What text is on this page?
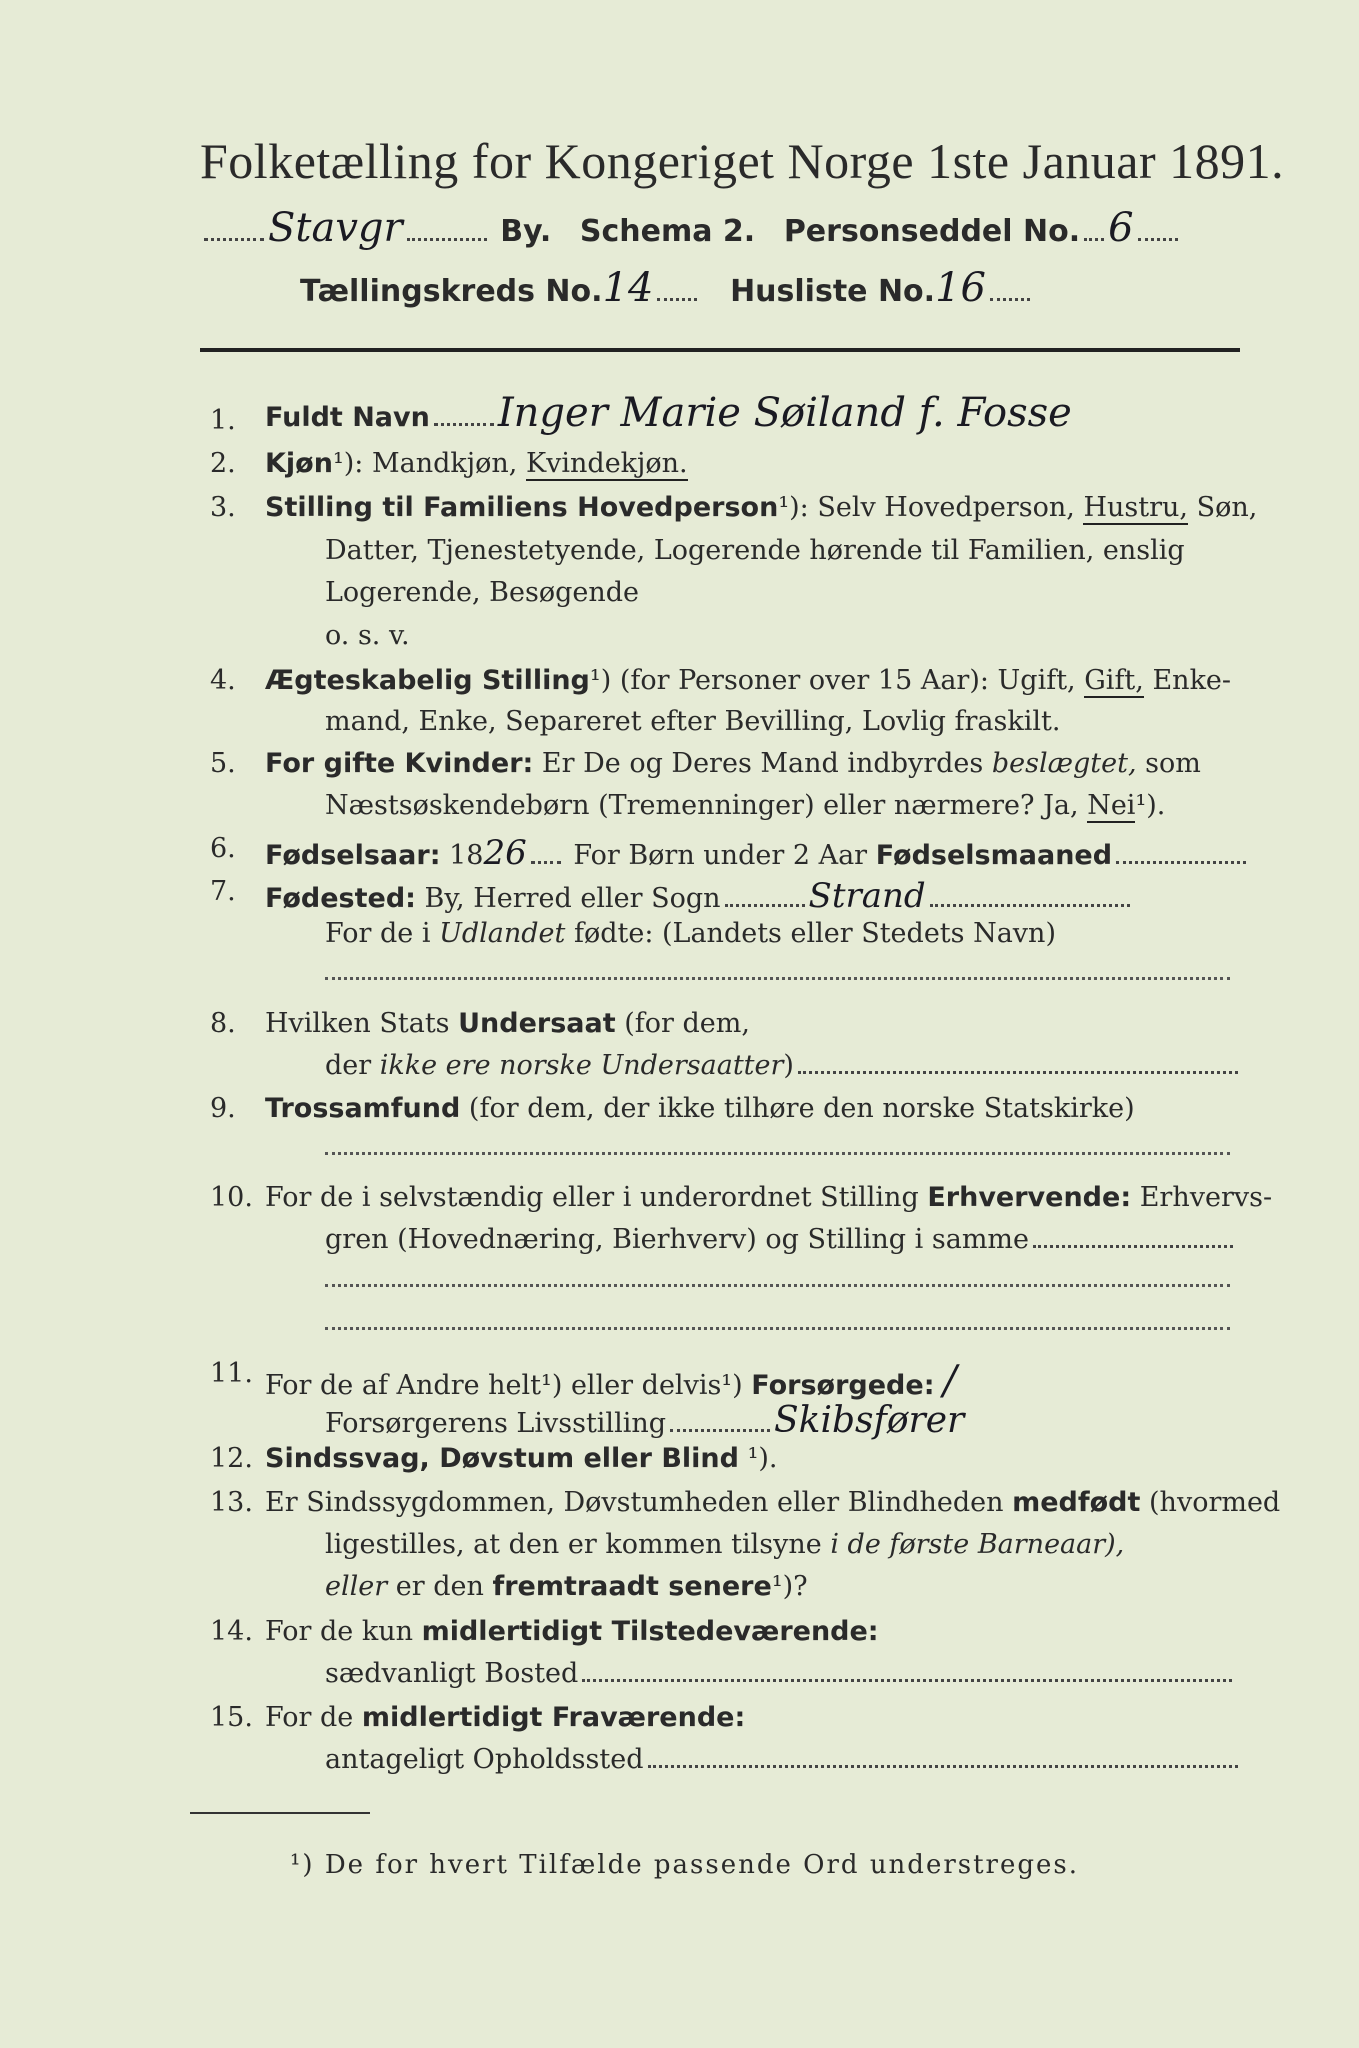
Folketælling for Kongeriget Norge 1ste Januar 1891.
Stavgr	By. Schema 2. Personseddel No. 6
Tællingskreds No.14	Husliste No.16
1.	Fuldt Navn Inger Marie Søiland f. Fosse
2.	Kjøn¹): Mandkjøn, Kvindekjøn.
3.	Stilling til Familiens Hovedperson¹): Selv Hovedperson, Hustru, Søn,
Datter, Tjenestetyende, Logerende hørende til Familien, enslig
Logerende, Besøgende
o. s. v.
4.	Ægteskabelig Stilling¹) (for Personer over 15 Aar): Ugift, Gift, Enke-
mand, Enke, Separeret efter Bevilling, Lovlig fraskilt.
5.	For gifte Kvinder: Er De og Deres Mand indbyrdes beslægtet, som
Næstsøskendebørn (Tremenninger) eller nærmere? Ja, Nei¹).
6.	Fødselsaar: 1826 For Børn under 2 Aar Fødselsmaaned
7.	Fødested: By, Herred eller Sogn	Strand
For de i Udlandet fødte: (Landets eller Stedets Navn)
8.	Hvilken Stats Undersaat (for dem,
der ikke ere norske Undersaatter)
9.	Trossamfund (for dem, der ikke tilhøre den norske Statskirke)
10. For de i selvstændig eller i underordnet Stilling Erhvervende: Erhvervs-
gren (Hovednæring, Bierhverv) og Stilling i samme
11. For de af Andre helt¹) eller delvis¹) Forsørgede: /
Forsørgerens Livsstilling	Skibsfører
12. Sindssvag, Døvstum eller Blind ¹).
13. Er Sindssygdommen, Døvstumheden eller Blindheden medfødt (hvormed
ligestilles, at den er kommen tilsyne i de første Barneaar),
eller er den fremtraadt senere¹)?
14. For de kun midlertidigt Tilstedeværende:
sædvanligt Bosted
15. For de midlertidigt Fraværende:
antageligt Opholdssted
¹) De for hvert Tilfælde passende Ord understreges.
